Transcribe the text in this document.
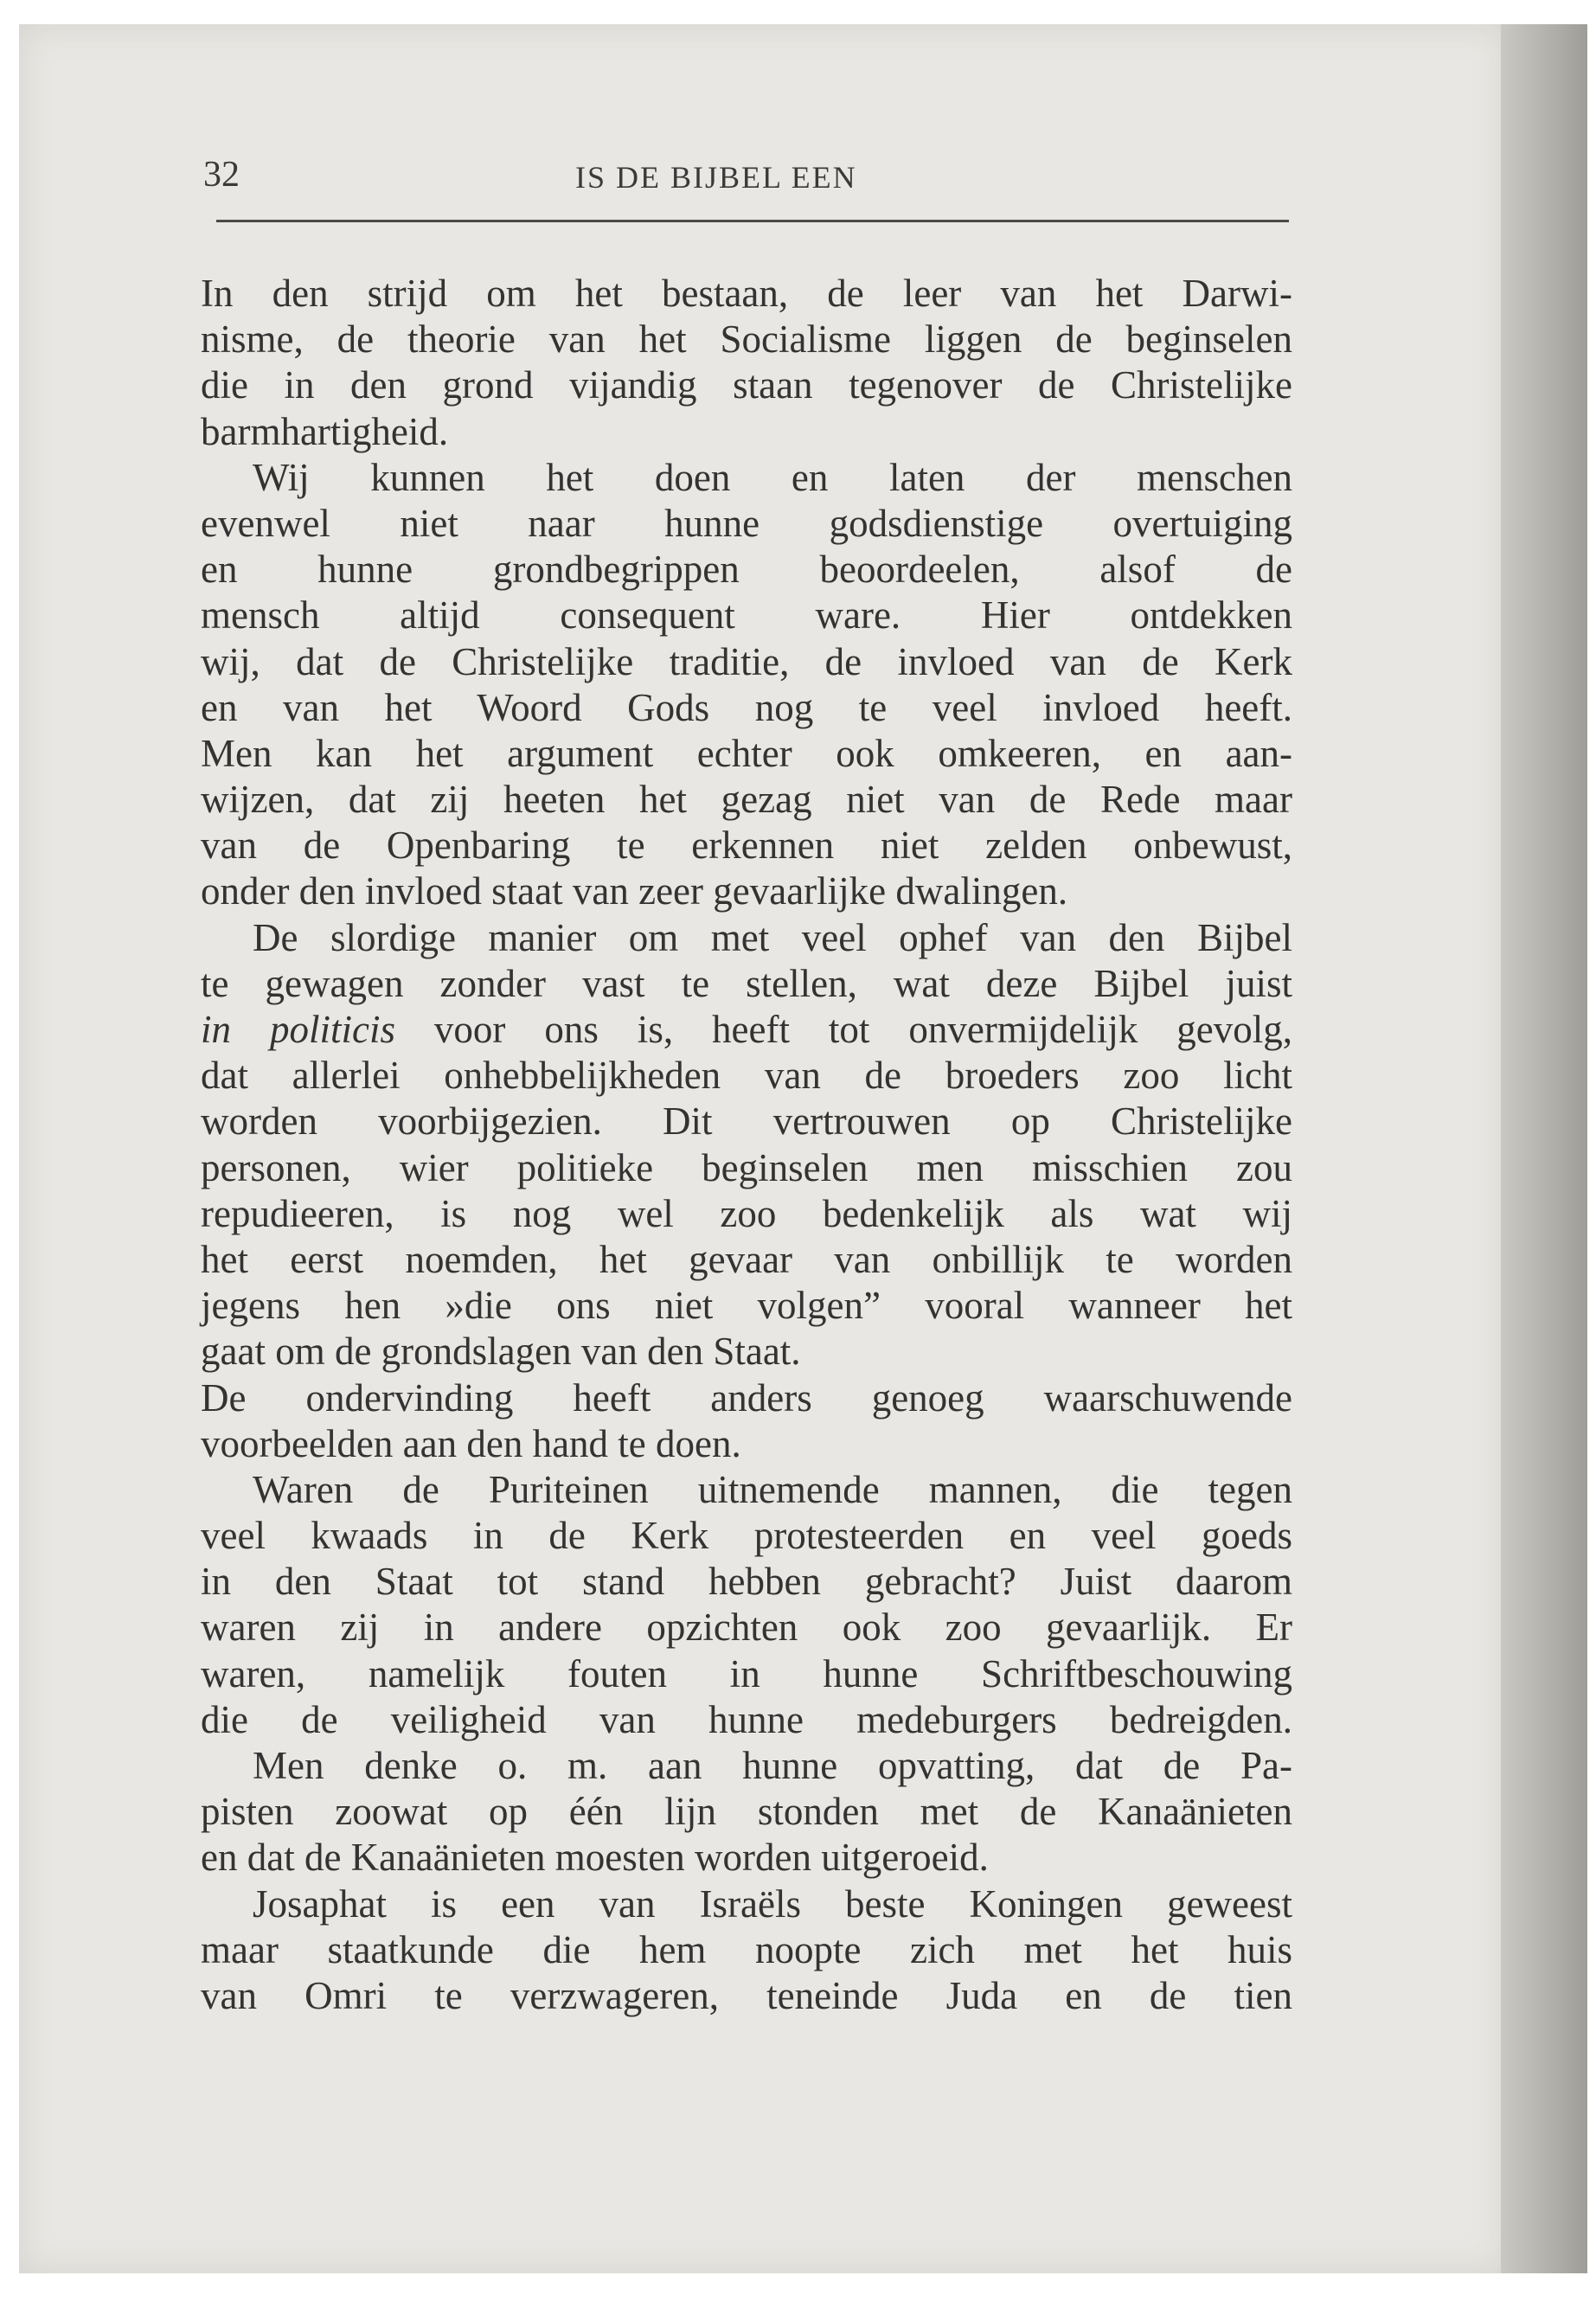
32	IS DE BIJBEL EEN
In den strijd om het bestaan, de leer van het Darwi-
nisme, de theorie van het Socialisme liggen de beginselen
die in den grond vijandig staan tegenover de Christelijke
barmhartigheid.
Wij kunnen het doen en laten der menschen
evenwel niet naar hunne godsdienstige overtuiging
en hunne grondbegrippen beoordeelen, alsof de
mensch altijd consequent ware. Hier ontdekken
wij, dat de Christelijke traditie, de invloed van de Kerk
en van het Woord Gods nog te veel invloed heeft.
Men kan het argument echter ook omkeeren, en aan-
wijzen, dat zij heeten het gezag niet van de Rede maar
van de Openbaring te erkennen niet zelden onbewust,
onder den invloed staat van zeer gevaarlijke dwalingen.
De slordige manier om met veel ophef van den Bijbel
te gewagen zonder vast te stellen, wat deze Bijbel juist
in politicis voor ons is, heeft tot onvermijdelijk gevolg,
dat allerlei onhebbelijkheden van de broeders zoo licht
worden voorbijgezien. Dit vertrouwen op Christelijke
personen, wier politieke beginselen men misschien zou
repudieeren, is nog wel zoo bedenkelijk als wat wij
het eerst noemden, het gevaar van onbillijk te worden
jegens hen »die ons niet volgen” vooral wanneer het
gaat om de grondslagen van den Staat.
De ondervinding heeft anders genoeg waarschuwende
voorbeelden aan den hand te doen.
Waren de Puriteinen uitnemende mannen, die tegen
veel kwaads in de Kerk protesteerden en veel goeds
in den Staat tot stand hebben gebracht? Juist daarom
waren zij in andere opzichten ook zoo gevaarlijk. Er
waren, namelijk fouten in hunne Schriftbeschouwing
die de veiligheid van hunne medeburgers bedreigden.
Men denke o. m. aan hunne opvatting, dat de Pa-
pisten zoowat op één lijn stonden met de Kanaänieten
en dat de Kanaänieten moesten worden uitgeroeid.
Josaphat is een van Israëls beste Koningen geweest
maar staatkunde die hem noopte zich met het huis
van Omri te verzwageren, teneinde Juda en de tien
